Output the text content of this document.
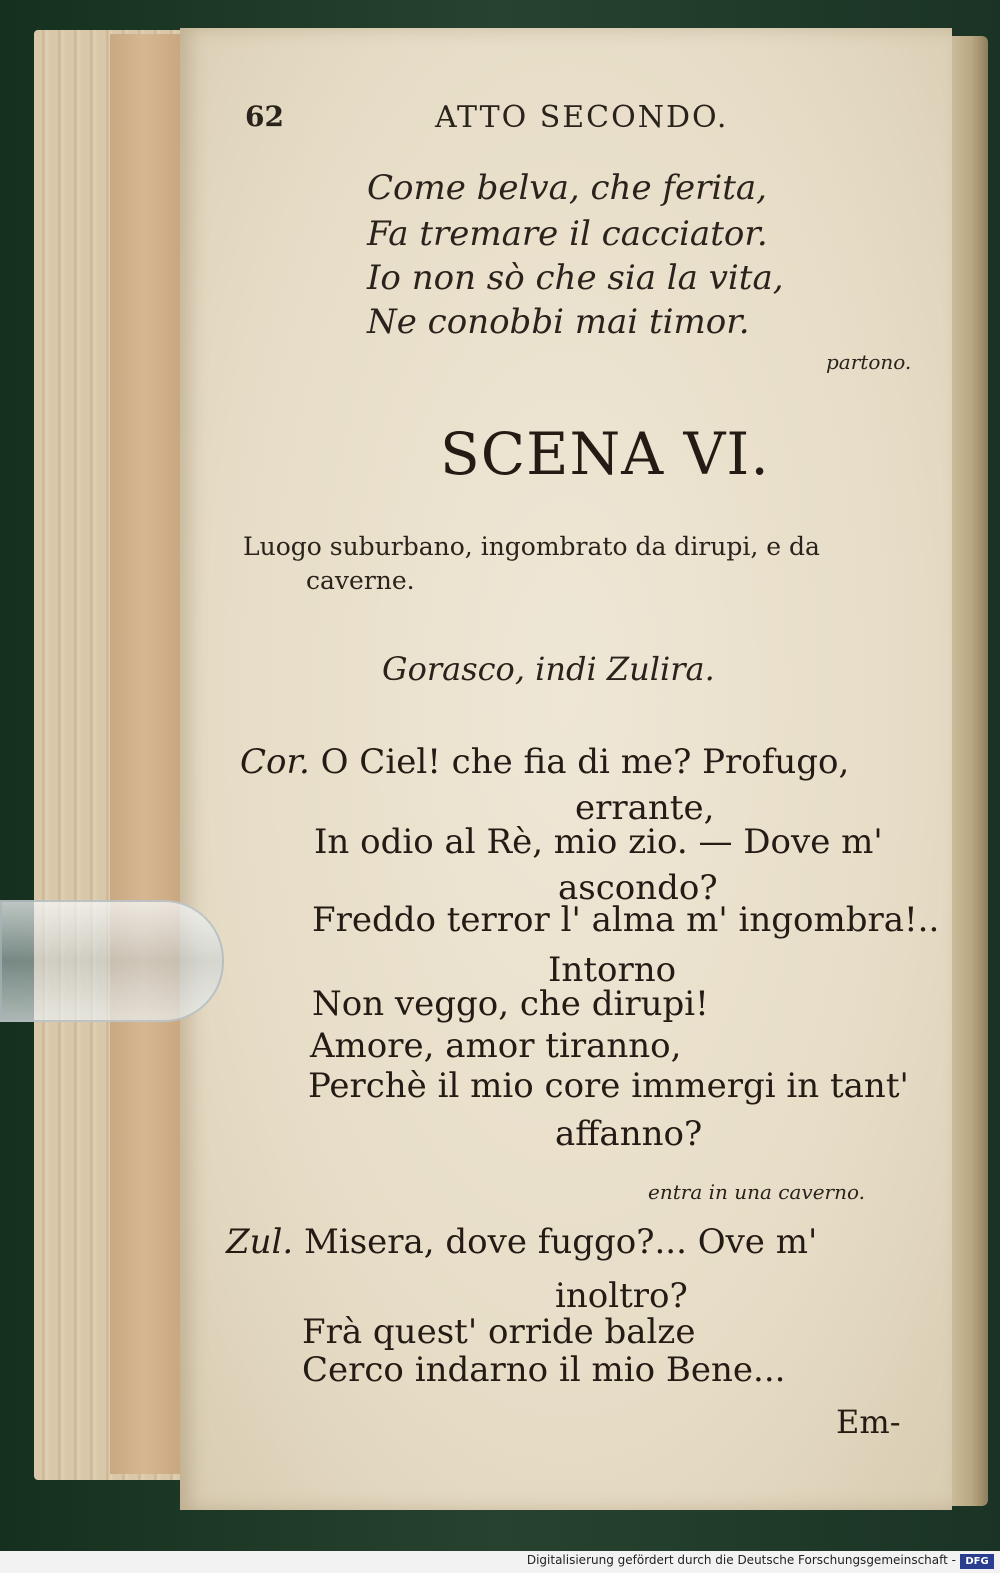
62	ATTO SECONDO.
Come belva, che ferita,
Fa tremare il cacciator.
Io non sò che sia la vita,
Ne conobbi mai timor.
partono.
SCENA VI.
Luogo suburbano, ingombrato da dirupi, e da
caverne.
Gorasco, indi Zulira.
Cor. O Ciel! che fia di me? Profugo,
errante,
In odio al Rè, mio zio. — Dove m'
ascondo?
Freddo terror l' alma m' ingombra!..
Intorno
Non veggo, che dirupi!
Amore, amor tiranno,
Perchè il mio core immergi in tant'
affanno?
entra in una caverno.
Zul. Misera, dove fuggo?... Ove m'
inoltro?
Frà quest' orride balze
Cerco indarno il mio Bene...
Em-
Digitalisierung gefördert durch die Deutsche Forschungsgemeinschaft - DFG
